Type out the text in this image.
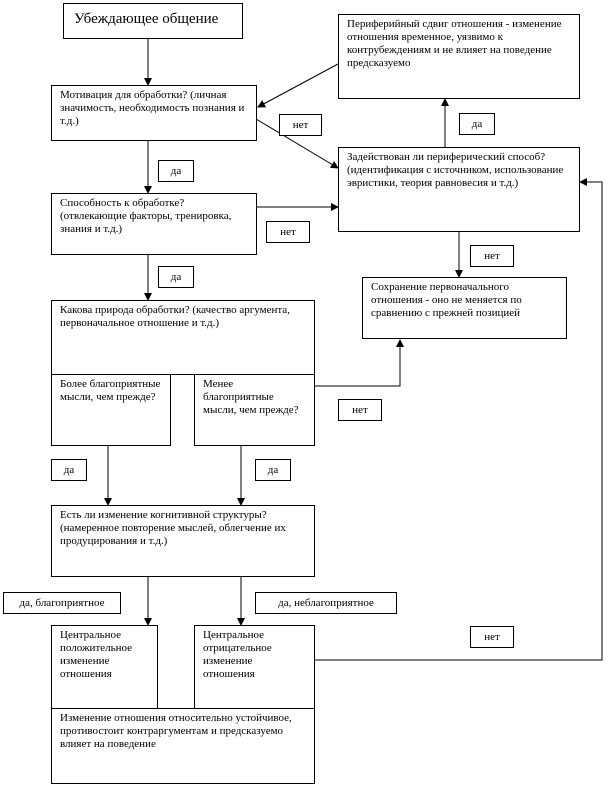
Убеждающее общение	Периферийный сдвиг отношения - изменение отношения временное, уязвимо к контрубеждениям и не влияет на поведение предсказуемо
Мотивация для обработки? (личная значимость, необходимость познания и т.д.)
Задействован ли периферический способ? (идентификация с источником, использование эвристики, теория равновесия и т.д.)
Способность к обработке? (отвлекающие факторы, тренировка, знания и т.д.)
Сохранение первоначального отношения - оно не меняется по сравнению с прежней позицией
Какова природа обработки? (качество аргумента, первоначальное отношение и т.д.)
Более благоприятные мысли, чем прежде?
Менее благоприятные мысли, чем прежде?
Есть ли изменение когнитивной структуры? (намеренное повторение мыслей, облегчение их продуцирования и т.д.)
Центральное положительное изменение отношения
Центральное отрицательное изменение отношения
Изменение отношения относительно устойчивое, противостоит контраргументам и предсказуемо влияет на поведение
нет
да
да
нет
нет
да
нет
да	да
да, благоприятное	да, неблагоприятное
нет
